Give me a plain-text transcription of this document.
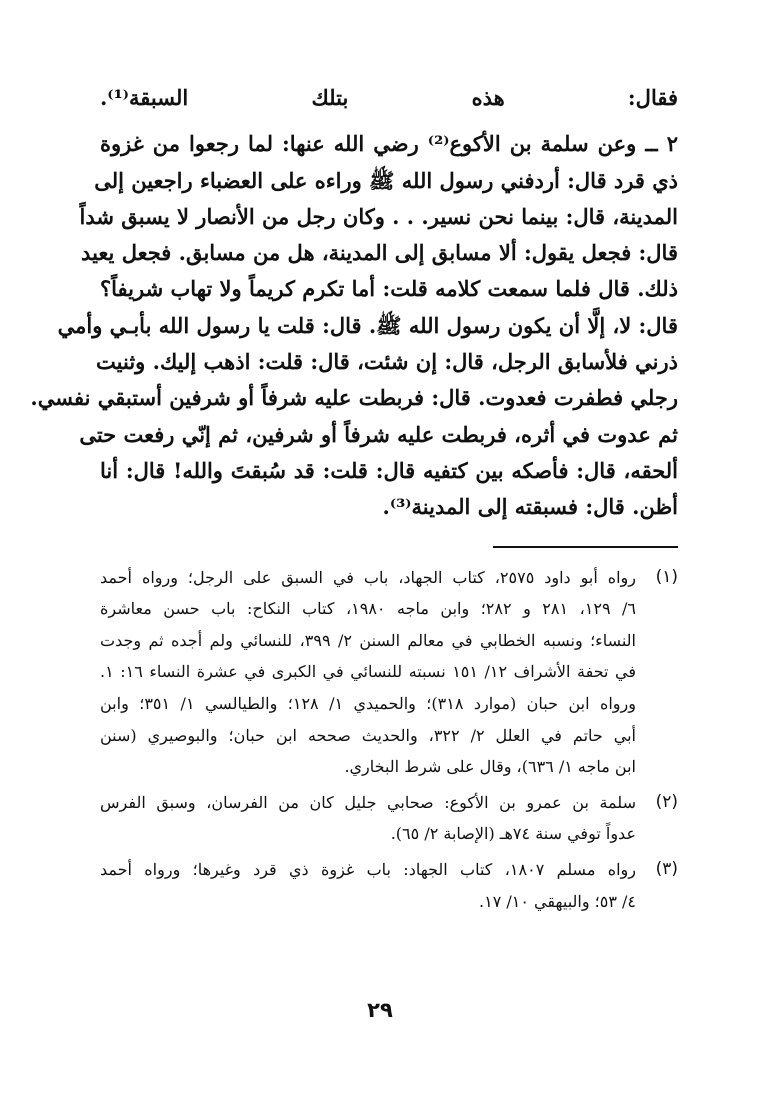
فقال: هذه بتلك السبقة⁽¹⁾.
٢ ــ وعن سلمة بن الأكوع⁽²⁾ رضي الله عنها: لما رجعوا من غزوة
ذي قرد قال: أردفني رسول الله ﷺ وراءه على العضباء راجعين إلى
المدينة، قال: بينما نحن نسير. . . وكان رجل من الأنصار لا يسبق شداً
قال: فجعل يقول: ألا مسابق إلى المدينة، هل من مسابق. فجعل يعيد
ذلك. قال فلما سمعت كلامه قلت: أما تكرم كريماً ولا تهاب شريفاً؟
قال: لا، إلَّا أن يكون رسول الله ﷺ. قال: قلت يا رسول الله بأبـي وأمي
ذرني فلأسابق الرجل، قال: إن شئت، قال: قلت: اذهب إليك. وثنيت
رجلي فطفرت فعدوت. قال: فربطت عليه شرفاً أو شرفين أستبقي نفسي.
ثم عدوت في أثره، فربطت عليه شرفاً أو شرفين، ثم إنّي رفعت حتى
ألحقه، قال: فأصكه بين كتفيه قال: قلت: قد سُبقتَ والله! قال: أنا
أظن. قال: فسبقته إلى المدينة⁽³⁾.
(١)
رواه أبو داود ٢٥٧٥، كتاب الجهاد، باب في السبق على الرجل؛ ورواه أحمد
٦/ ١٢٩، ٢٨١ و ٢٨٢؛ وابن ماجه ١٩٨٠، كتاب النكاح: باب حسن معاشرة
النساء؛ ونسبه الخطابي في معالم السنن ٢/ ٣٩٩، للنسائي ولم أجده ثم وجدت
في تحفة الأشراف ١٢/ ١٥١ نسبته للنسائي في الكبرى في عشرة النساء ١٦: ١.
ورواه ابن حبان (موارد ٣١٨)؛ والحميدي ١/ ١٢٨؛ والطيالسي ١/ ٣٥١؛ وابن
أبي حاتم في العلل ٢/ ٣٢٢، والحديث صححه ابن حبان؛ والبوصيري (سنن
ابن ماجه ١/ ٦٣٦)، وقال على شرط البخاري.
(٢)
سلمة بن عمرو بن الأكوع: صحابي جليل كان من الفرسان، وسبق الفرس
عدواً توفي سنة ٧٤هـ (الإصابة ٢/ ٦٥).
(٣)
رواه مسلم ١٨٠٧، كتاب الجهاد: باب غزوة ذي قرد وغيرها؛ ورواه أحمد
٤/ ٥٣؛ والبيهقي ١٠/ ١٧.
٢٩
